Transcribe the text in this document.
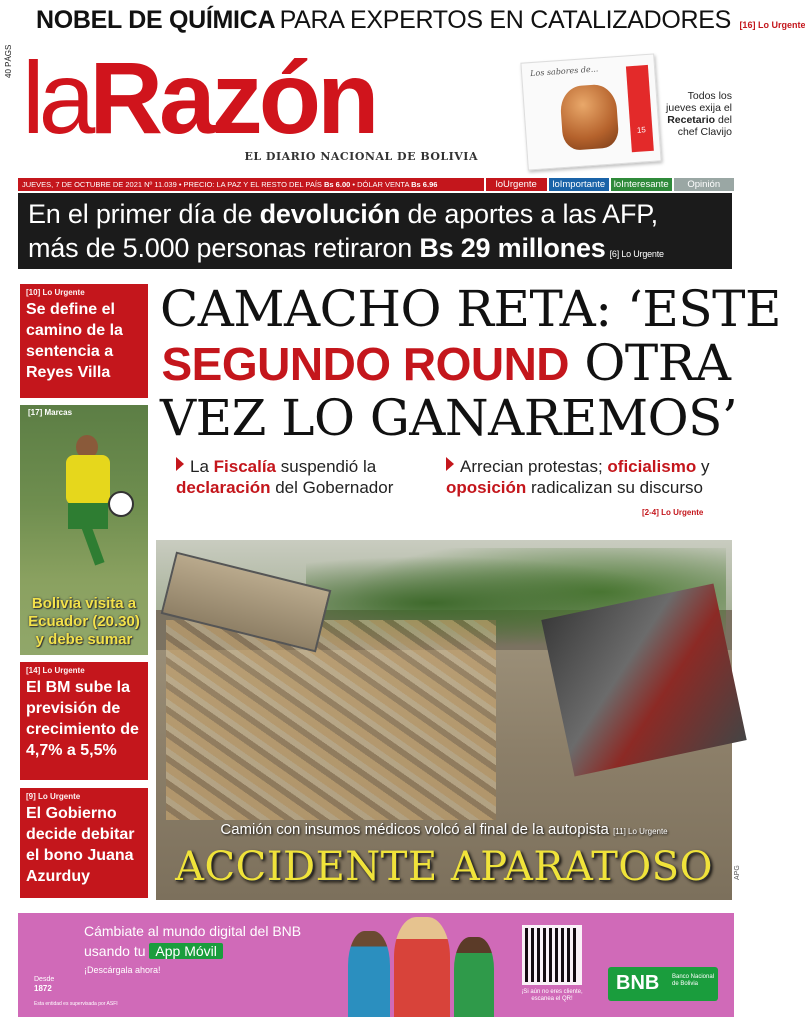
NOBEL DE QUÍMICA PARA EXPERTOS EN CATALIZADORES [16] Lo Urgente
40 PÁGS laRazón
EL DIARIO NACIONAL DE BOLIVIA
Los sabores de...
15
Todos los jueves exija el Recetario del chef Clavijo
JUEVES, 7 DE OCTUBRE DE 2021 Nº 11.039 • PRECIO: LA PAZ Y EL RESTO DEL PAÍS Bs 6.00 • DÓLAR VENTA Bs 6.96	loUrgente	loImportante loInteresante	Opinión
En el primer día de devolución de aportes a las AFP,
más de 5.000 personas retiraron Bs 29 millones [6] Lo Urgente
[10] Lo Urgente
Se define el camino de la sentencia a Reyes Villa
[17] Marcas
Bolivia visita a Ecuador (20.30) y debe sumar
[14] Lo Urgente
El BM sube la previsión de crecimiento de 4,7% a 5,5%
[9] Lo Urgente
El Gobierno decide debitar el bono Juana Azurduy
CAMACHO RETA: ‘ESTE
SEGUNDO ROUND OTRA
VEZ LO GANAREMOS’
La Fiscalía suspendió la declaración del Gobernador
Arrecian protestas; oficialismo y oposición radicalizan su discurso
[2-4] Lo Urgente
Camión con insumos médicos volcó al final de la autopista [11] Lo Urgente
ACCIDENTE APARATOSO	APG
Cámbiate al mundo digital del BNB
usando tu App Móvil
¡Descárgala ahora!
Desde
1872
Esta entidad es supervisada por ASFI
¡Si aún no eres cliente, escanea el QR!
BNB Banco Nacional de Bolivia
